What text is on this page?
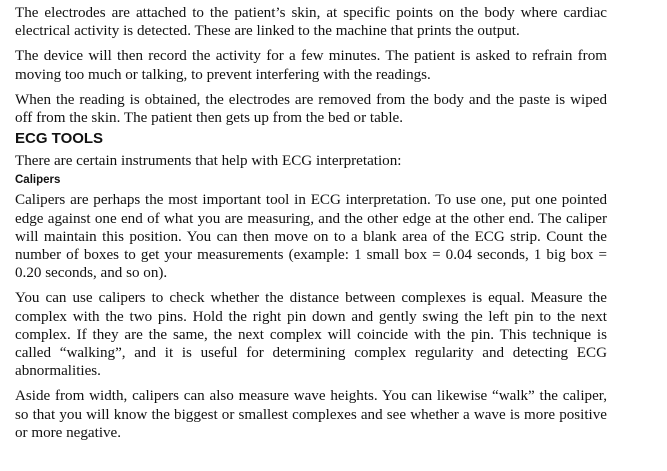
The electrodes are attached to the patient’s skin, at specific points on the body where cardiac electrical activity is detected. These are linked to the machine that prints the output.

The device will then record the activity for a few minutes. The patient is asked to refrain from moving too much or talking, to prevent interfering with the readings.

When the reading is obtained, the electrodes are removed from the body and the paste is wiped off from the skin. The patient then gets up from the bed or table.

ECG TOOLS

There are certain instruments that help with ECG interpretation:

Calipers

Calipers are perhaps the most important tool in ECG interpretation. To use one, put one pointed edge against one end of what you are measuring, and the other edge at the other end. The caliper will maintain this position. You can then move on to a blank area of the ECG strip. Count the number of boxes to get your measurements (example: 1 small box = 0.04 seconds, 1 big box = 0.20 seconds, and so on).

You can use calipers to check whether the distance between complexes is equal. Measure the complex with the two pins. Hold the right pin down and gently swing the left pin to the next complex. If they are the same, the next complex will coincide with the pin. This technique is called “walking”, and it is useful for determining complex regularity and detecting ECG abnormalities.

Aside from width, calipers can also measure wave heights. You can likewise “walk” the caliper, so that you will know the biggest or smallest complexes and see whether a wave is more positive or more negative.
